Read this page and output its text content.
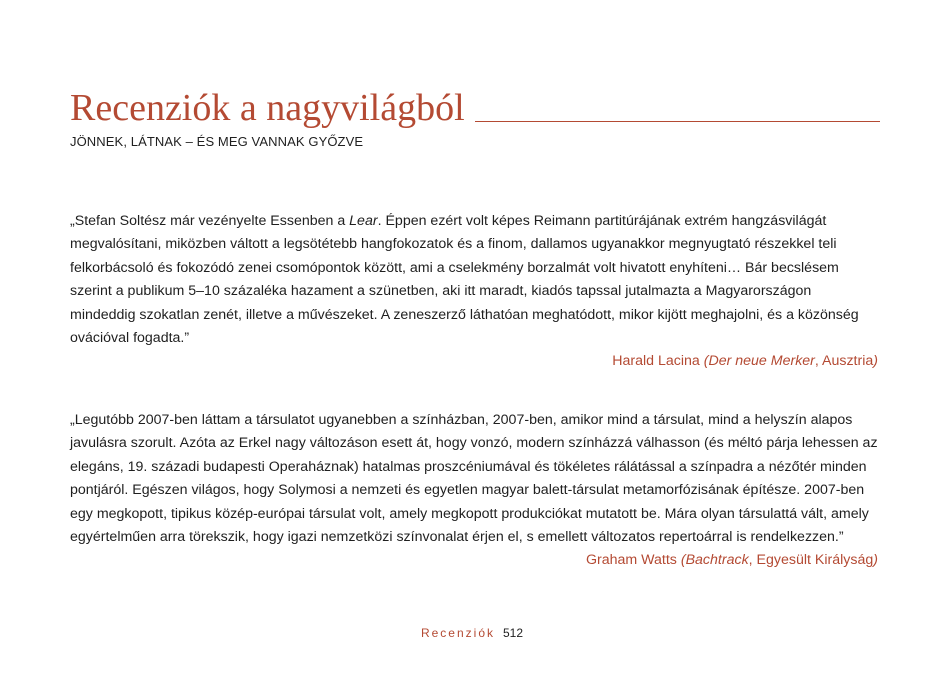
Recenziók a nagyvilágból
JÖNNEK, LÁTNAK – ÉS MEG VANNAK GYŐZVE

„Stefan Soltész már vezényelte Essenben a Lear. Éppen ezért volt képes Reimann partitúrájának extrém hangzásvilágát megvalósítani, miközben váltott a legsötétebb hangfokozatok és a finom, dallamos ugyanakkor megnyugtató részekkel teli felkorbácsoló és fokozódó zenei csomópontok között, ami a cselekmény borzalmát volt hivatott enyhíteni… Bár becslésem szerint a publikum 5–10 százaléka hazament a szünetben, aki itt maradt, kiadós tapssal jutalmazta a Magyarországon mindeddig szokatlan zenét, illetve a művészeket. A zeneszerző láthatóan meghatódott, mikor kijött meghajolni, és a közönség ovációval fogadta.”

Harald Lacina (Der neue Merker, Ausztria)

„Legutóbb 2007-ben láttam a társulatot ugyanebben a színházban, 2007-ben, amikor mind a társulat, mind a helyszín alapos javulásra szorult. Azóta az Erkel nagy változáson esett át, hogy vonzó, modern színházzá válhasson (és méltó párja lehessen az elegáns, 19. századi budapesti Operaháznak) hatalmas proszcéniumával és tökéletes rálátással a színpadra a nézőtér minden pontjáról. Egészen világos, hogy Solymosi a nemzeti és egyetlen magyar balett-társulat metamorfózisának építésze. 2007-ben egy megkopott, tipikus közép-európai társulat volt, amely megkopott produkciókat mutatott be. Mára olyan társulattá vált, amely egyértelműen arra törekszik, hogy igazi nemzetközi színvonalat érjen el, s emellett változatos repertoárral is rendelkezzen.”

Graham Watts (Bachtrack, Egyesült Királyság)
Recenziók 512
